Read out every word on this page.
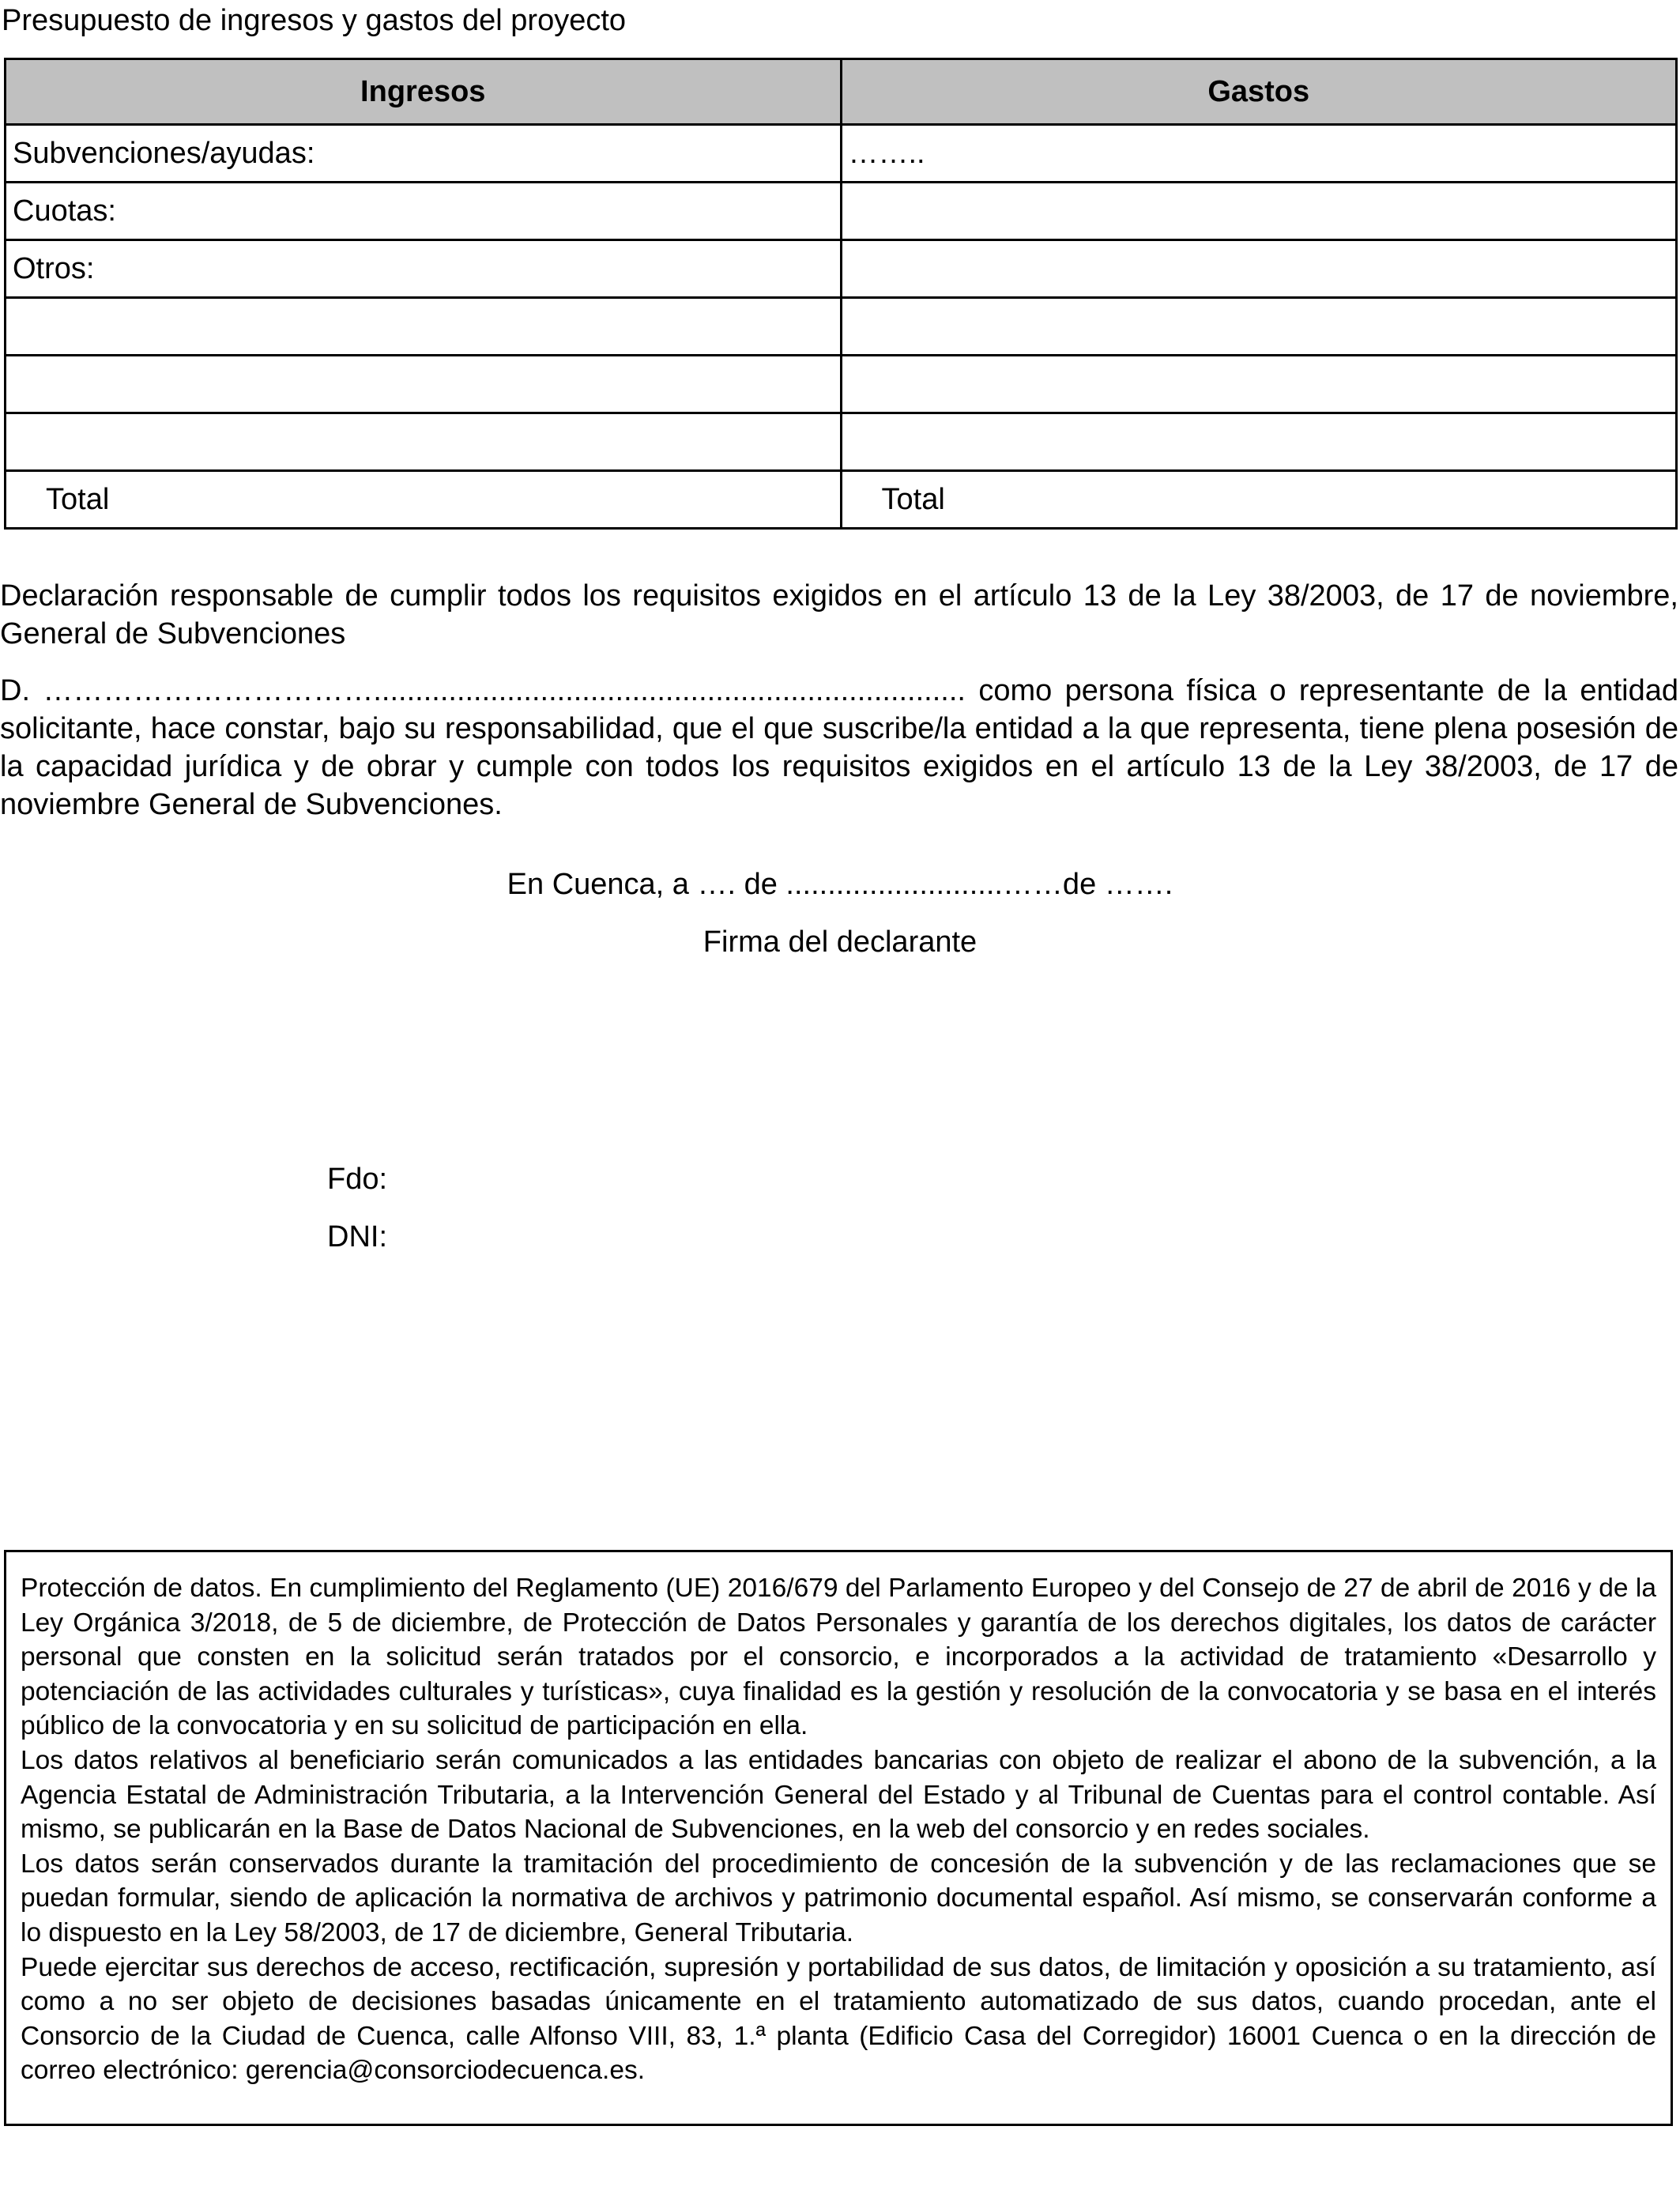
Presupuesto de ingresos y gastos del proyecto
Ingresos	Gastos
Subvenciones/ayudas:	……..
Cuotas:	
Otros:	

Total	Total

Declaración responsable de cumplir todos los requisitos exigidos en el artículo 13 de la Ley 38/2003, de 17 de noviembre, General de Subvenciones

D. ……………………………....................................................................... como persona física o representante de la entidad solicitante, hace constar, bajo su responsabilidad, que el que suscribe/la entidad a la que representa, tiene plena posesión de la capacidad jurídica y de obrar y cumple con todos los requisitos exigidos en el artículo 13 de la Ley 38/2003, de 17 de noviembre General de Subvenciones.

En Cuenca, a …. de ..........................……de …….
Firma del declarante
Fdo:
DNI:

Protección de datos. En cumplimiento del Reglamento (UE) 2016/679 del Parlamento Europeo y del Consejo de 27 de abril de 2016 y de la Ley Orgánica 3/2018, de 5 de diciembre, de Protección de Datos Personales y garantía de los derechos digitales, los datos de carácter personal que consten en la solicitud serán tratados por el consorcio, e incorporados a la actividad de tratamiento «Desarrollo y potenciación de las actividades culturales y turísticas», cuya finalidad es la gestión y resolución de la convocatoria y se basa en el interés público de la convocatoria y en su solicitud de participación en ella.

Los datos relativos al beneficiario serán comunicados a las entidades bancarias con objeto de realizar el abono de la subvención, a la Agencia Estatal de Administración Tributaria, a la Intervención General del Estado y al Tribunal de Cuentas para el control contable. Así mismo, se publicarán en la Base de Datos Nacional de Subvenciones, en la web del consorcio y en redes sociales.

Los datos serán conservados durante la tramitación del procedimiento de concesión de la subvención y de las reclamaciones que se puedan formular, siendo de aplicación la normativa de archivos y patrimonio documental español. Así mismo, se conservarán conforme a lo dispuesto en la Ley 58/2003, de 17 de diciembre, General Tributaria.

Puede ejercitar sus derechos de acceso, rectificación, supresión y portabilidad de sus datos, de limitación y oposición a su tratamiento, así como a no ser objeto de decisiones basadas únicamente en el tratamiento automatizado de sus datos, cuando procedan, ante el Consorcio de la Ciudad de Cuenca, calle Alfonso VIII, 83, 1.ª planta (Edificio Casa del Corregidor) 16001 Cuenca o en la dirección de correo electrónico: gerencia@consorciodecuenca.es.
